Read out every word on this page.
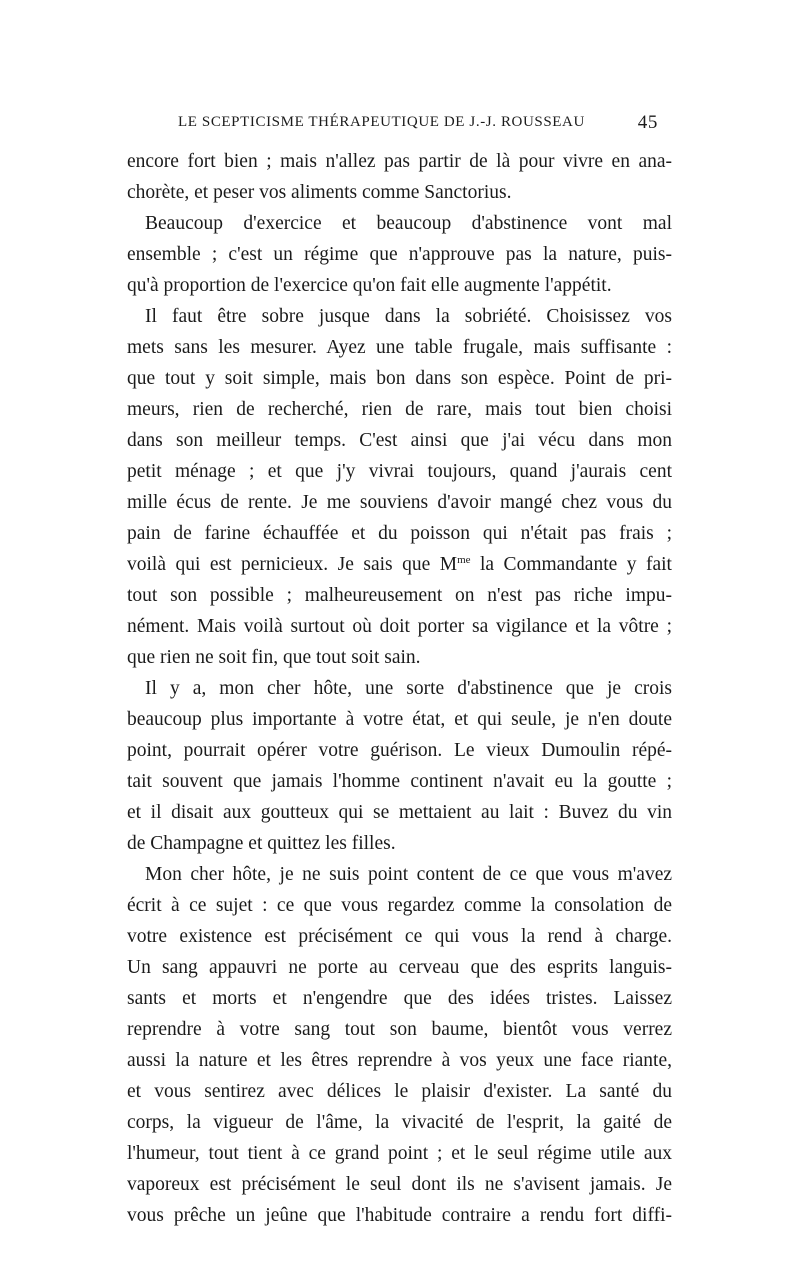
LE SCEPTICISME THÉRAPEUTIQUE DE J.-J. ROUSSEAU	45
encore fort bien ; mais n'allez pas partir de là pour vivre en ana-
chorète, et peser vos aliments comme Sanctorius.
Beaucoup d'exercice et beaucoup d'abstinence vont mal
ensemble ; c'est un régime que n'approuve pas la nature, puis-
qu'à proportion de l'exercice qu'on fait elle augmente l'appétit.
Il faut être sobre jusque dans la sobriété. Choisissez vos
mets sans les mesurer. Ayez une table frugale, mais suffisante :
que tout y soit simple, mais bon dans son espèce. Point de pri-
meurs, rien de recherché, rien de rare, mais tout bien choisi
dans son meilleur temps. C'est ainsi que j'ai vécu dans mon
petit ménage ; et que j'y vivrai toujours, quand j'aurais cent
mille écus de rente. Je me souviens d'avoir mangé chez vous du
pain de farine échauffée et du poisson qui n'était pas frais ;
voilà qui est pernicieux. Je sais que $M^{me}$ la Commandante y fait
tout son possible ; malheureusement on n'est pas riche impu-
nément. Mais voilà surtout où doit porter sa vigilance et la vôtre ;
que rien ne soit fin, que tout soit sain.
Il y a, mon cher hôte, une sorte d'abstinence que je crois
beaucoup plus importante à votre état, et qui seule, je n'en doute
point, pourrait opérer votre guérison. Le vieux Dumoulin répé-
tait souvent que jamais l'homme continent n'avait eu la goutte ;
et il disait aux goutteux qui se mettaient au lait : Buvez du vin
de Champagne et quittez les filles.
Mon cher hôte, je ne suis point content de ce que vous m'avez
écrit à ce sujet : ce que vous regardez comme la consolation de
votre existence est précisément ce qui vous la rend à charge.
Un sang appauvri ne porte au cerveau que des esprits languis-
sants et morts et n'engendre que des idées tristes. Laissez
reprendre à votre sang tout son baume, bientôt vous verrez
aussi la nature et les êtres reprendre à vos yeux une face riante,
et vous sentirez avec délices le plaisir d'exister. La santé du
corps, la vigueur de l'âme, la vivacité de l'esprit, la gaité de
l'humeur, tout tient à ce grand point ; et le seul régime utile aux
vaporeux est précisément le seul dont ils ne s'avisent jamais. Je
vous prêche un jeûne que l'habitude contraire a rendu fort diffi-
